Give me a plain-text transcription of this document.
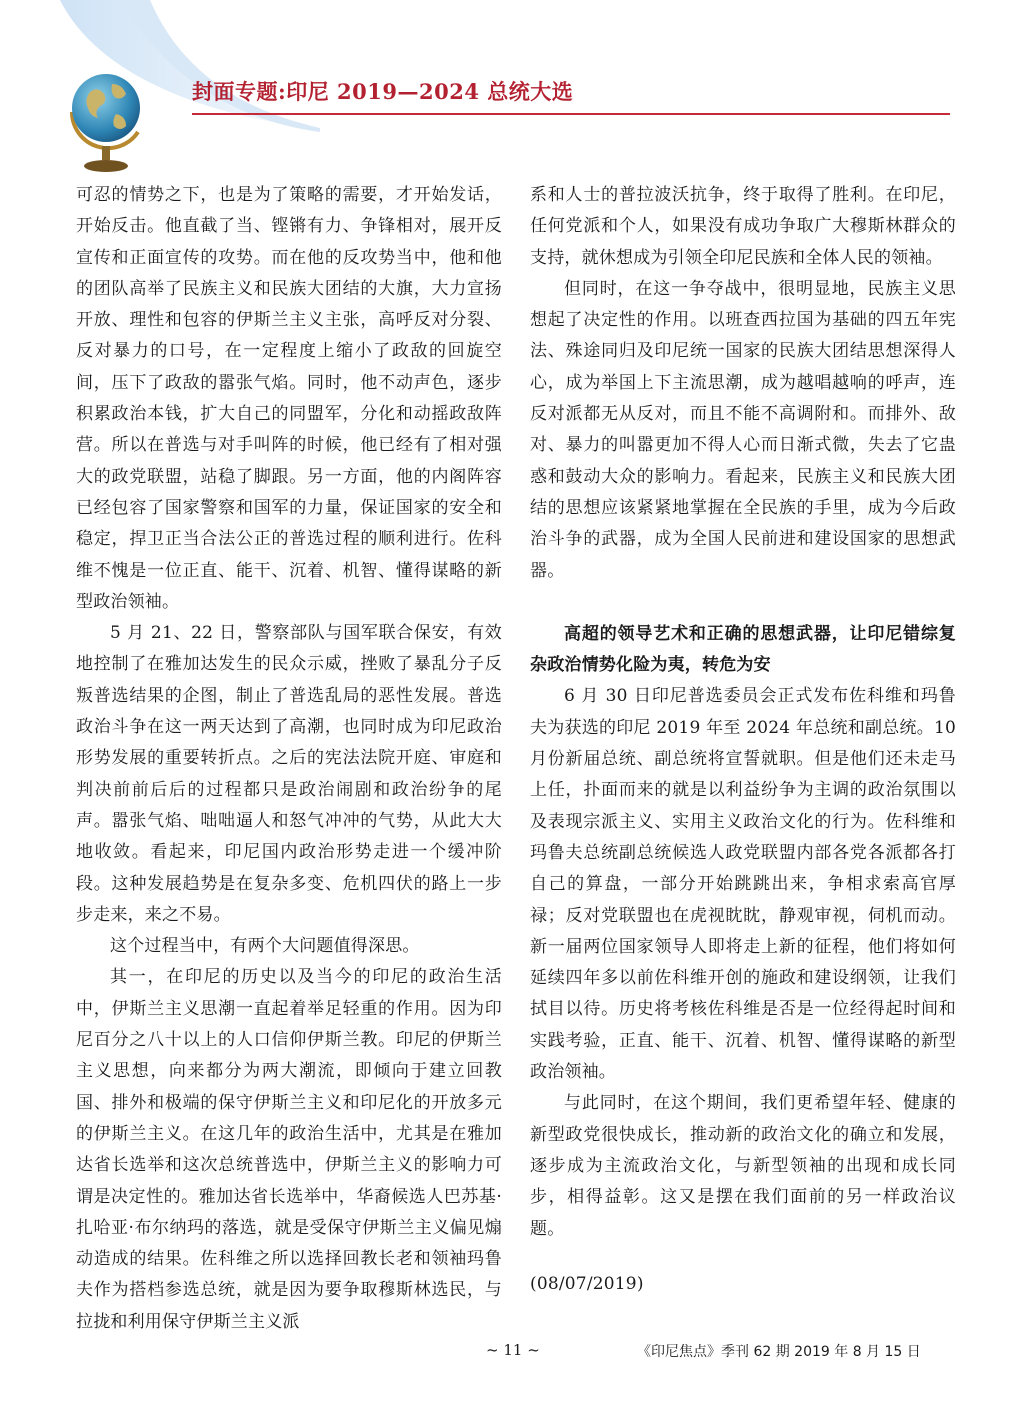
封面专题:印尼 2019—2024 总统大选

可忍的情势之下，也是为了策略的需要，才开始发话，开始反击。他直截了当、铿锵有力、争锋相对，展开反宣传和正面宣传的攻势。而在他的反攻势当中，他和他的团队高举了民族主义和民族大团结的大旗，大力宣扬开放、理性和包容的伊斯兰主义主张，高呼反对分裂、反对暴力的口号，在一定程度上缩小了政敌的回旋空间，压下了政敌的嚣张气焰。同时，他不动声色，逐步积累政治本钱，扩大自己的同盟军，分化和动摇政敌阵营。所以在普选与对手叫阵的时候，他已经有了相对强大的政党联盟，站稳了脚跟。另一方面，他的内阁阵容已经包容了国家警察和国军的力量，保证国家的安全和稳定，捍卫正当合法公正的普选过程的顺利进行。佐科维不愧是一位正直、能干、沉着、机智、懂得谋略的新型政治领袖。

5 月 21、22 日，警察部队与国军联合保安，有效地控制了在雅加达发生的民众示威，挫败了暴乱分子反叛普选结果的企图，制止了普选乱局的恶性发展。普选政治斗争在这一两天达到了高潮，也同时成为印尼政治形势发展的重要转折点。之后的宪法法院开庭、审庭和判决前前后后的过程都只是政治闹剧和政治纷争的尾声。嚣张气焰、咄咄逼人和怒气冲冲的气势，从此大大地收敛。看起来，印尼国内政治形势走进一个缓冲阶段。这种发展趋势是在复杂多变、危机四伏的路上一步步走来，来之不易。

这个过程当中，有两个大问题值得深思。

其一，在印尼的历史以及当今的印尼的政治生活中，伊斯兰主义思潮一直起着举足轻重的作用。因为印尼百分之八十以上的人口信仰伊斯兰教。印尼的伊斯兰主义思想，向来都分为两大潮流，即倾向于建立回教国、排外和极端的保守伊斯兰主义和印尼化的开放多元的伊斯兰主义。在这几年的政治生活中，尤其是在雅加达省长选举和这次总统普选中，伊斯兰主义的影响力可谓是决定性的。雅加达省长选举中，华裔候选人巴苏基·扎哈亚·布尔纳玛的落选，就是受保守伊斯兰主义偏见煽动造成的结果。佐科维之所以选择回教长老和领袖玛鲁夫作为搭档参选总统，就是因为要争取穆斯林选民，与拉拢和利用保守伊斯兰主义派

系和人士的普拉波沃抗争，终于取得了胜利。在印尼，任何党派和个人，如果没有成功争取广大穆斯林群众的支持，就休想成为引领全印尼民族和全体人民的领袖。

但同时，在这一争夺战中，很明显地，民族主义思想起了决定性的作用。以班查西拉国为基础的四五年宪法、殊途同归及印尼统一国家的民族大团结思想深得人心，成为举国上下主流思潮，成为越唱越响的呼声，连反对派都无从反对，而且不能不高调附和。而排外、敌对、暴力的叫嚣更加不得人心而日渐式微，失去了它蛊惑和鼓动大众的影响力。看起来，民族主义和民族大团结的思想应该紧紧地掌握在全民族的手里，成为今后政治斗争的武器，成为全国人民前进和建设国家的思想武器。

高超的领导艺术和正确的思想武器，让印尼错综复杂政治情势化险为夷，转危为安

6 月 30 日印尼普选委员会正式发布佐科维和玛鲁夫为获选的印尼 2019 年至 2024 年总统和副总统。10 月份新届总统、副总统将宣誓就职。但是他们还未走马上任，扑面而来的就是以利益纷争为主调的政治氛围以及表现宗派主义、实用主义政治文化的行为。佐科维和玛鲁夫总统副总统候选人政党联盟内部各党各派都各打自己的算盘，一部分开始跳跳出来，争相求索高官厚禄；反对党联盟也在虎视眈眈，静观审视，伺机而动。新一届两位国家领导人即将走上新的征程，他们将如何延续四年多以前佐科维开创的施政和建设纲领，让我们拭目以待。历史将考核佐科维是否是一位经得起时间和实践考验，正直、能干、沉着、机智、懂得谋略的新型政治领袖。

与此同时，在这个期间，我们更希望年轻、健康的新型政党很快成长，推动新的政治文化的确立和发展，逐步成为主流政治文化，与新型领袖的出现和成长同步，相得益彰。这又是摆在我们面前的另一样政治议题。

(08/07/2019)

~ 11 ~	《印尼焦点》季刊 62 期 2019 年 8 月 15 日
